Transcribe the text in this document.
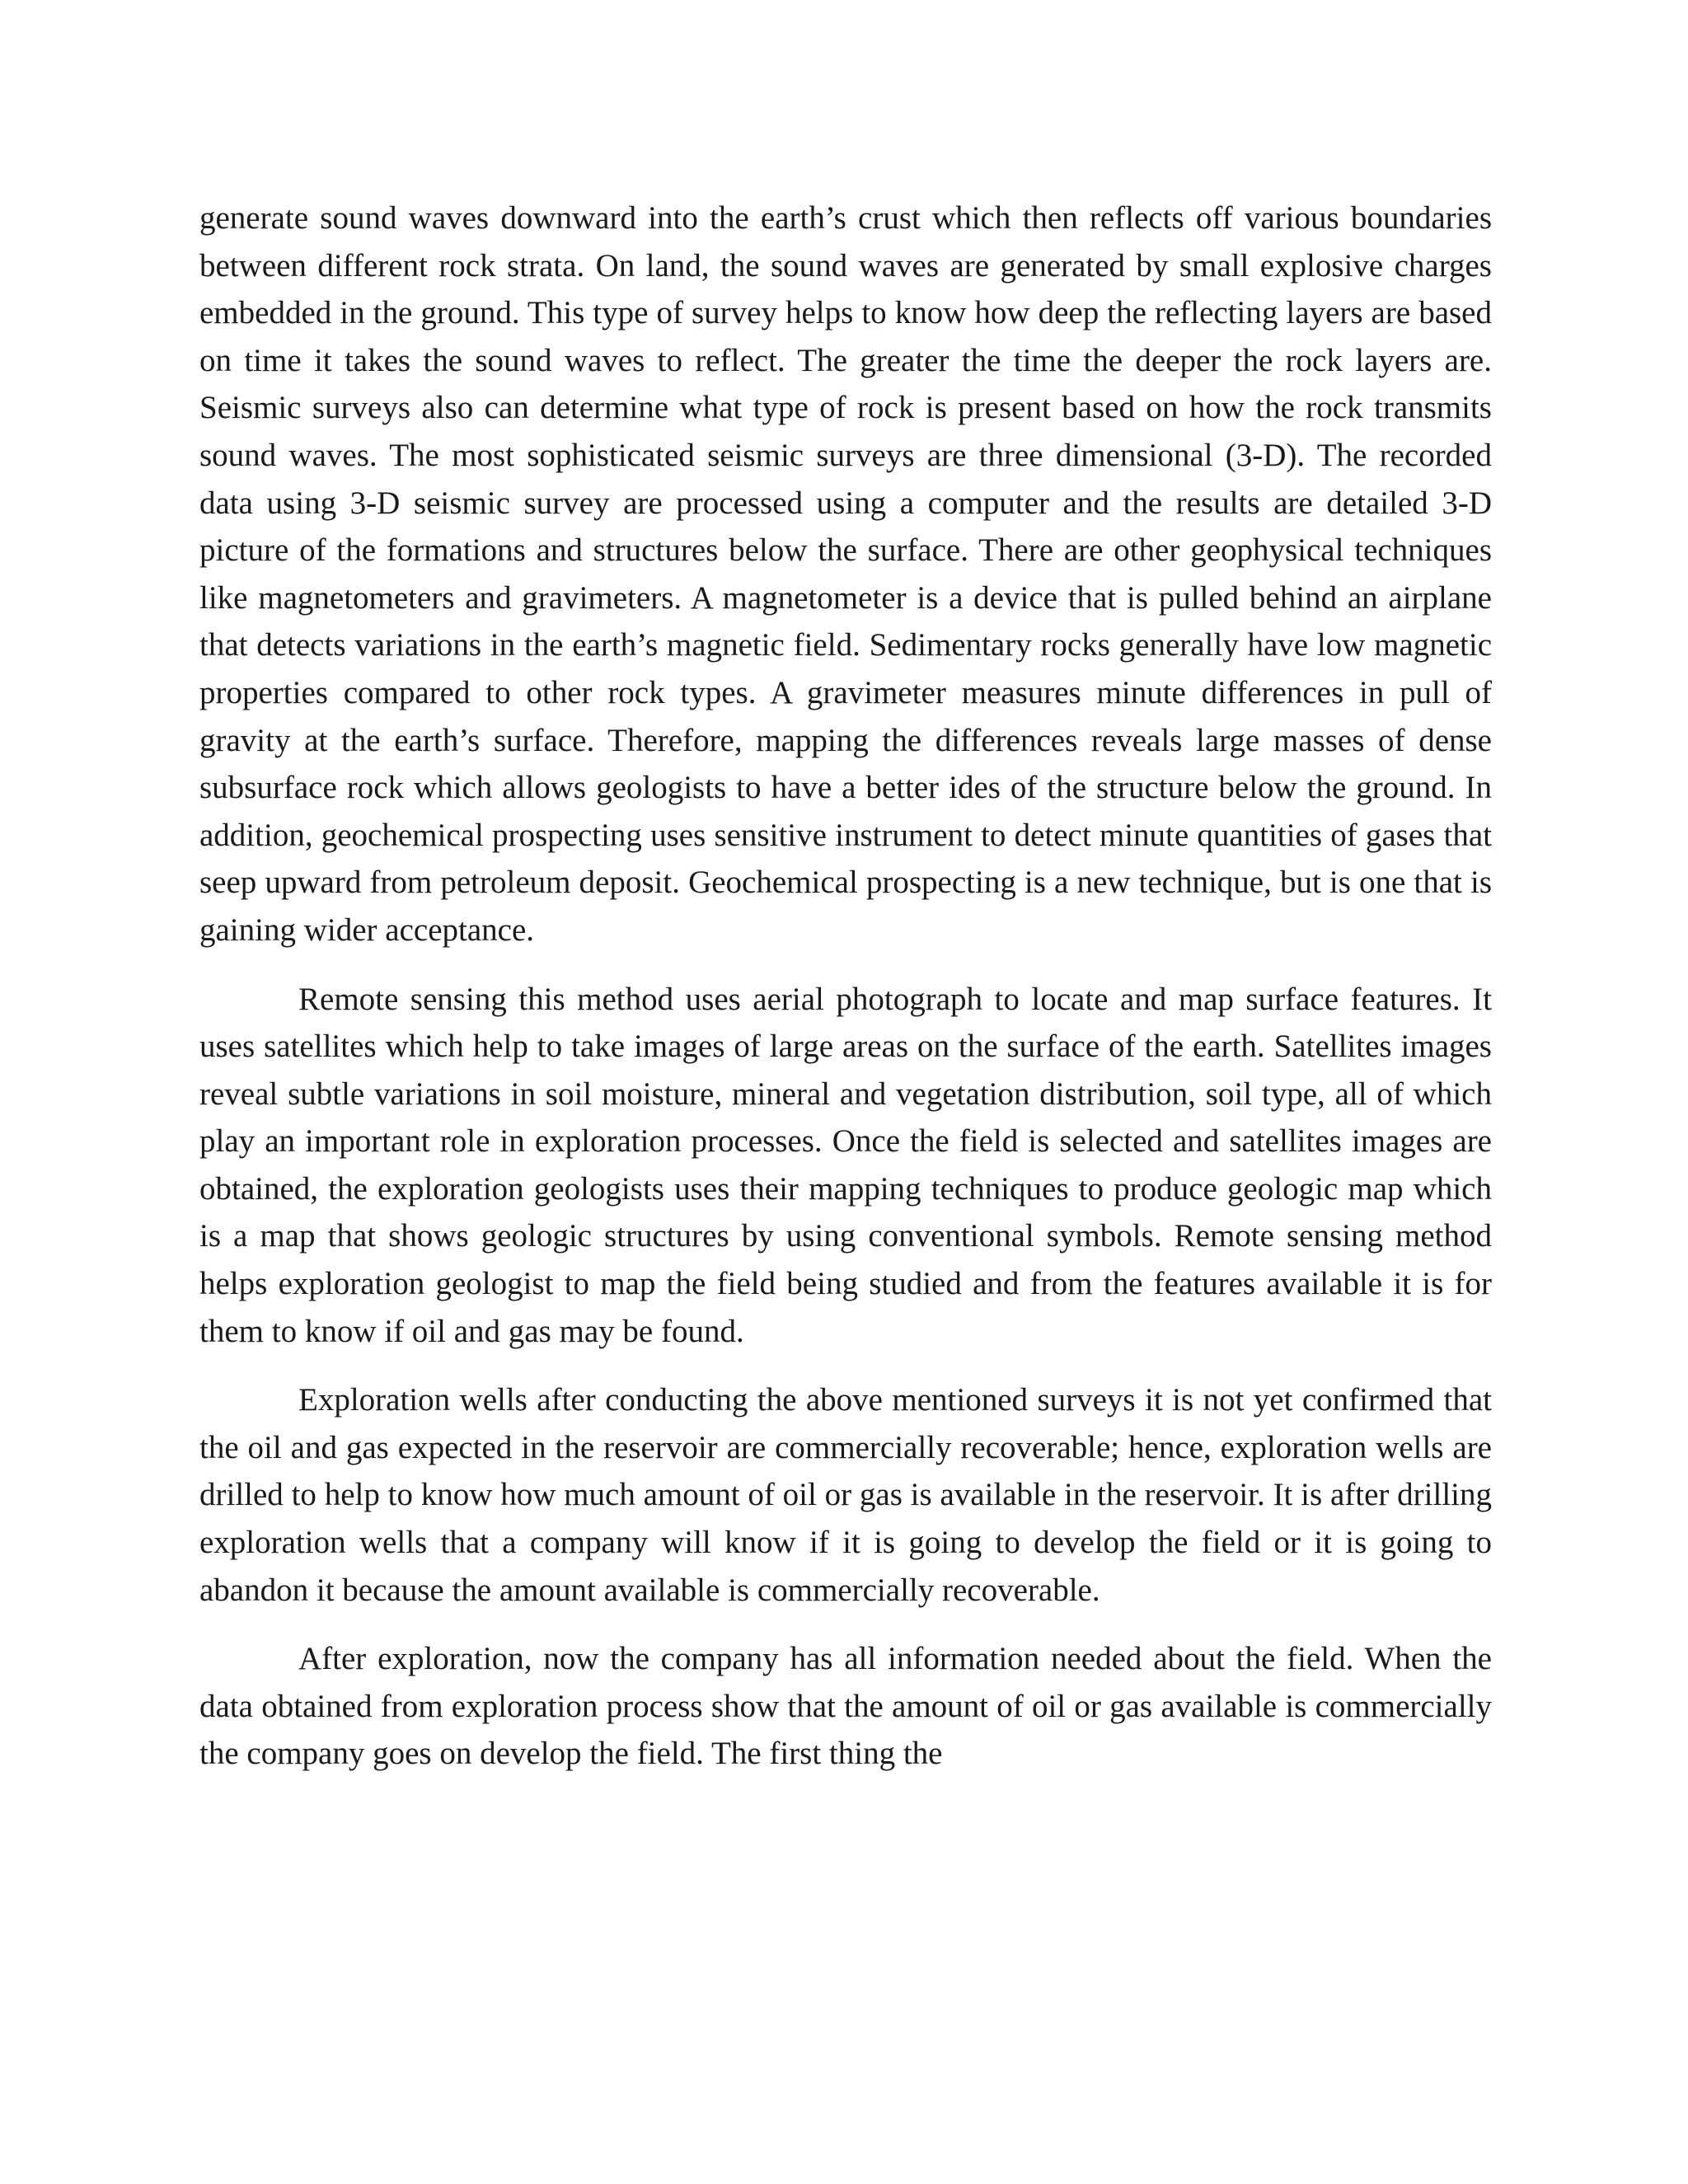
generate sound waves downward into the earth’s crust which then reflects off various boundaries between different rock strata. On land, the sound waves are generated by small explosive charges embedded in the ground. This type of survey helps to know how deep the reflecting layers are based on time it takes the sound waves to reflect. The greater the time the deeper the rock layers are. Seismic surveys also can determine what type of rock is present based on how the rock transmits sound waves. The most sophisticated seismic surveys are three dimensional (3-D). The recorded data using 3-D seismic survey are processed using a computer and the results are detailed 3-D picture of the formations and structures below the surface. There are other geophysical techniques like magnetometers and gravimeters. A magnetometer is a device that is pulled behind an airplane that detects variations in the earth’s magnetic field. Sedimentary rocks generally have low magnetic properties compared to other rock types. A gravimeter measures minute differences in pull of gravity at the earth’s surface. Therefore, mapping the differences reveals large masses of dense subsurface rock which allows geologists to have a better ides of the structure below the ground. In addition, geochemical prospecting uses sensitive instrument to detect minute quantities of gases that seep upward from petroleum deposit. Geochemical prospecting is a new technique, but is one that is gaining wider acceptance.

Remote sensing this method uses aerial photograph to locate and map surface features. It uses satellites which help to take images of large areas on the surface of the earth. Satellites images reveal subtle variations in soil moisture, mineral and vegetation distribution, soil type, all of which play an important role in exploration processes. Once the field is selected and satellites images are obtained, the exploration geologists uses their mapping techniques to produce geologic map which is a map that shows geologic structures by using conventional symbols. Remote sensing method helps exploration geologist to map the field being studied and from the features available it is for them to know if oil and gas may be found.

Exploration wells after conducting the above mentioned surveys it is not yet confirmed that the oil and gas expected in the reservoir are commercially recoverable; hence, exploration wells are drilled to help to know how much amount of oil or gas is available in the reservoir. It is after drilling exploration wells that a company will know if it is going to develop the field or it is going to abandon it because the amount available is commercially recoverable.

After exploration, now the company has all information needed about the field. When the data obtained from exploration process show that the amount of oil or gas available is commercially the company goes on develop the field. The first thing the
